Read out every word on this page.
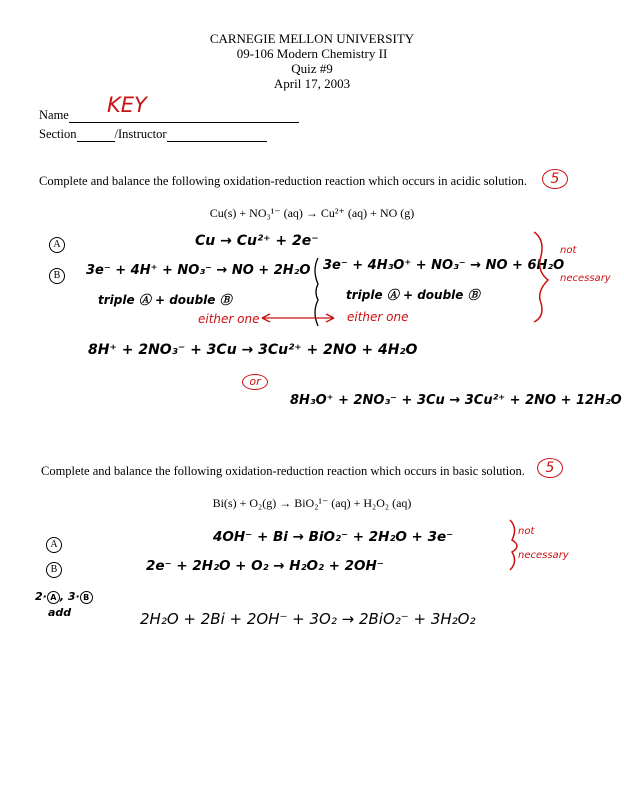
CARNEGIE MELLON UNIVERSITY
09-106 Modern Chemistry II
Quiz #9
April 17, 2003
Name	KEY
Section	/Instructor
Complete and balance the following oxidation-reduction reaction which occurs in acidic solution.	5
Cu(s) + NO₃¹⁻ (aq) → Cu²⁺ (aq) + NO (g)
A	Cu → Cu²⁺ + 2e⁻
B	3e⁻ + 4H⁺ + NO₃⁻ → NO + 2H₂O 3e⁻ + 4H₃O⁺ + NO₃⁻ → NO + 6H₂O
not necessary
triple Ⓐ + double Ⓑ	triple Ⓐ + double Ⓑ
either one	either one
8H⁺ + 2NO₃⁻ + 3Cu → 3Cu²⁺ + 2NO + 4H₂O
or
8H₃O⁺ + 2NO₃⁻ + 3Cu → 3Cu²⁺ + 2NO + 12H₂O
Complete and balance the following oxidation-reduction reaction which occurs in basic solution.	5
Bi(s) + O₂(g) → BiO₂¹⁻ (aq) + H₂O₂ (aq)
A	4OH⁻ + Bi → BiO₂⁻ + 2H₂O + 3e⁻	not necessary
B	2e⁻ + 2H₂O + O₂ → H₂O₂ + 2OH⁻
2· A , 3· B
add	2H₂O + 2Bi + 2OH⁻ + 3O₂ → 2BiO₂⁻ + 3H₂O₂
